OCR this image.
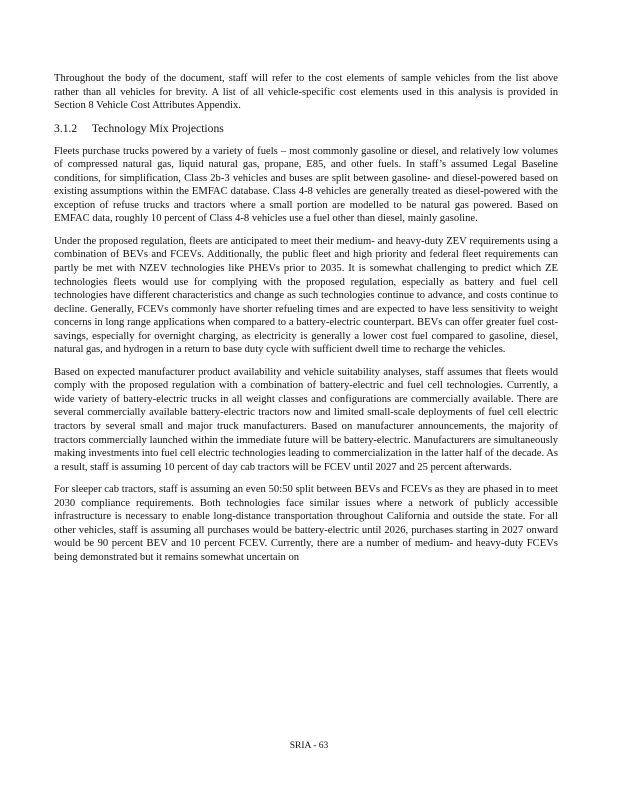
Throughout the body of the document, staff will refer to the cost elements of sample vehicles from the list above rather than all vehicles for brevity. A list of all vehicle-specific cost elements used in this analysis is provided in Section 8 Vehicle Cost Attributes Appendix.

3.1.2 Technology Mix Projections

Fleets purchase trucks powered by a variety of fuels – most commonly gasoline or diesel, and relatively low volumes of compressed natural gas, liquid natural gas, propane, E85, and other fuels. In staff’s assumed Legal Baseline conditions, for simplification, Class 2b-3 vehicles and buses are split between gasoline- and diesel-powered based on existing assumptions within the EMFAC database. Class 4-8 vehicles are generally treated as diesel-powered with the exception of refuse trucks and tractors where a small portion are modelled to be natural gas powered. Based on EMFAC data, roughly 10 percent of Class 4-8 vehicles use a fuel other than diesel, mainly gasoline.

Under the proposed regulation, fleets are anticipated to meet their medium- and heavy-duty ZEV requirements using a combination of BEVs and FCEVs. Additionally, the public fleet and high priority and federal fleet requirements can partly be met with NZEV technologies like PHEVs prior to 2035. It is somewhat challenging to predict which ZE technologies fleets would use for complying with the proposed regulation, especially as battery and fuel cell technologies have different characteristics and change as such technologies continue to advance, and costs continue to decline. Generally, FCEVs commonly have shorter refueling times and are expected to have less sensitivity to weight concerns in long range applications when compared to a battery-electric counterpart. BEVs can offer greater fuel cost-savings, especially for overnight charging, as electricity is generally a lower cost fuel compared to gasoline, diesel, natural gas, and hydrogen in a return to base duty cycle with sufficient dwell time to recharge the vehicles.

Based on expected manufacturer product availability and vehicle suitability analyses, staff assumes that fleets would comply with the proposed regulation with a combination of battery-electric and fuel cell technologies. Currently, a wide variety of battery-electric trucks in all weight classes and configurations are commercially available. There are several commercially available battery-electric tractors now and limited small-scale deployments of fuel cell electric tractors by several small and major truck manufacturers. Based on manufacturer announcements, the majority of tractors commercially launched within the immediate future will be battery-electric. Manufacturers are simultaneously making investments into fuel cell electric technologies leading to commercialization in the latter half of the decade. As a result, staff is assuming 10 percent of day cab tractors will be FCEV until 2027 and 25 percent afterwards.

For sleeper cab tractors, staff is assuming an even 50:50 split between BEVs and FCEVs as they are phased in to meet 2030 compliance requirements. Both technologies face similar issues where a network of publicly accessible infrastructure is necessary to enable long-distance transportation throughout California and outside the state. For all other vehicles, staff is assuming all purchases would be battery-electric until 2026, purchases starting in 2027 onward would be 90 percent BEV and 10 percent FCEV. Currently, there are a number of medium- and heavy-duty FCEVs being demonstrated but it remains somewhat uncertain on

SRIA - 63
